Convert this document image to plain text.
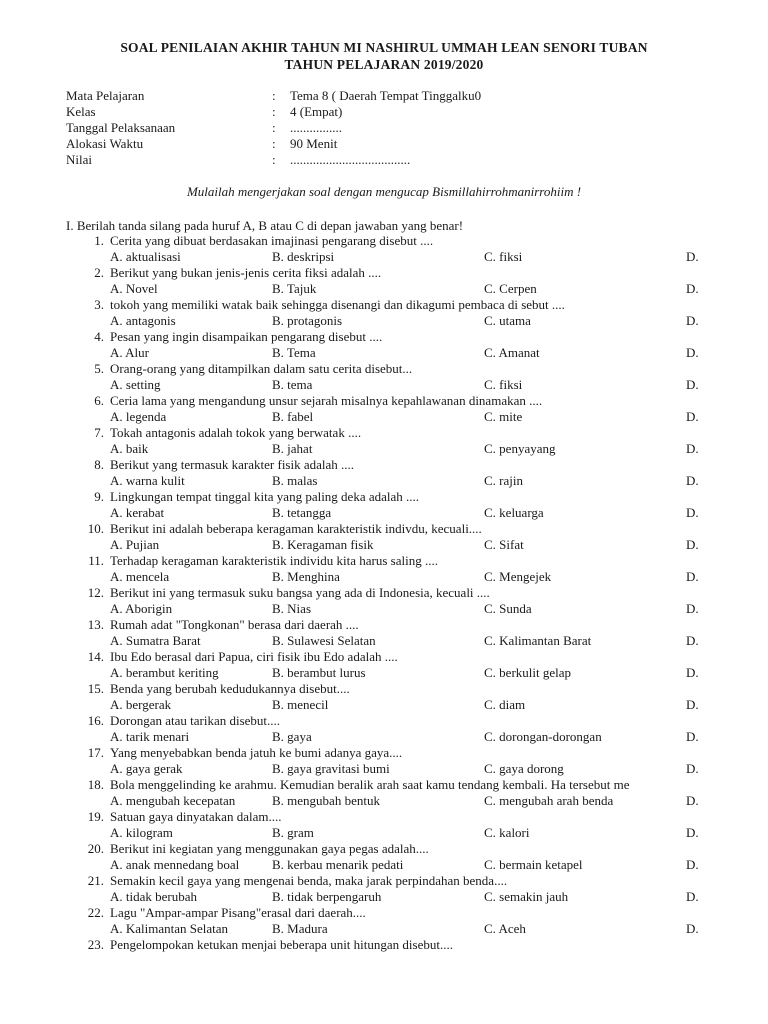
SOAL PENILAIAN AKHIR TAHUN MI NASHIRUL UMMAH LEAN SENORI TUBAN
TAHUN PELAJARAN 2019/2020
Mata Pelajaran	: Tema 8 ( Daerah Tempat Tinggalku0
Kelas	: 4 (Empat)
Tanggal Pelaksanaan	: ................
Alokasi Waktu	: 90 Menit
Nilai	: .....................................
Mulailah mengerjakan soal dengan mengucap Bismillahirrohmanirrohiim !
I. Berilah tanda silang pada huruf A, B atau C di depan jawaban yang benar!
1. Cerita yang dibuat berdasakan imajinasi pengarang disebut ....
A. aktualisasi	B. deskripsi	C. fiksi	D.
2. Berikut yang bukan jenis-jenis cerita fiksi adalah ....
A. Novel	B. Tajuk	C. Cerpen	D.
3. tokoh yang memiliki watak baik sehingga disenangi dan dikagumi pembaca di sebut ....
A. antagonis	B. protagonis	C. utama	D.
4. Pesan yang ingin disampaikan pengarang disebut ....
A. Alur	B. Tema	C. Amanat	D.
5. Orang-orang yang ditampilkan dalam satu cerita disebut...
A. setting	B. tema	C. fiksi	D.
6. Ceria lama yang mengandung unsur sejarah misalnya kepahlawanan dinamakan ....
A. legenda	B. fabel	C. mite	D.
7. Tokah antagonis adalah tokok yang berwatak ....
A. baik	B. jahat	C. penyayang	D.
8. Berikut yang termasuk karakter fisik adalah ....
A. warna kulit	B. malas	C. rajin	D.
9. Lingkungan tempat tinggal kita yang paling deka adalah ....
A. kerabat	B. tetangga	C. keluarga	D.
10. Berikut ini adalah beberapa keragaman karakteristik indivdu, kecuali....
A. Pujian	B. Keragaman fisik	C. Sifat	D.
11. Terhadap keragaman karakteristik individu kita harus saling ....
A. mencela	B. Menghina	C. Mengejek	D.
12. Berikut ini yang termasuk suku bangsa yang ada di Indonesia, kecuali ....
A. Aborigin	B. Nias	C. Sunda	D.
13. Rumah adat "Tongkonan" berasa dari daerah ....
A. Sumatra Barat	B. Sulawesi Selatan	C. Kalimantan Barat	D.
14. Ibu Edo berasal dari Papua, ciri fisik ibu Edo adalah ....
A. berambut keriting	B. berambut lurus	C. berkulit gelap	D.
15. Benda yang berubah kedudukannya disebut....
A. bergerak	B. menecil	C. diam	D.
16. Dorongan atau tarikan disebut....
A. tarik menari	B. gaya	C. dorongan-dorongan	D.
17. Yang menyebabkan benda jatuh ke bumi adanya gaya....
A. gaya gerak	B. gaya gravitasi bumi	C. gaya dorong	D.
18. Bola menggelinding ke arahmu. Kemudian beralik arah saat kamu tendang kembali. Ha tersebut me
A. mengubah kecepatan	B. mengubah bentuk	C. mengubah arah benda	D.
19. Satuan gaya dinyatakan dalam....
A. kilogram	B. gram	C. kalori	D.
20. Berikut ini kegiatan yang menggunakan gaya pegas adalah....
A. anak mennedang boal	B. kerbau menarik pedati	C. bermain ketapel	D.
21. Semakin kecil gaya yang mengenai benda, maka jarak perpindahan benda....
A. tidak berubah	B. tidak berpengaruh	C. semakin jauh	D.
22. Lagu "Ampar-ampar Pisang"erasal dari daerah....
A. Kalimantan Selatan	B. Madura	C. Aceh	D.
23. Pengelompokan ketukan menjai beberapa unit hitungan disebut....
